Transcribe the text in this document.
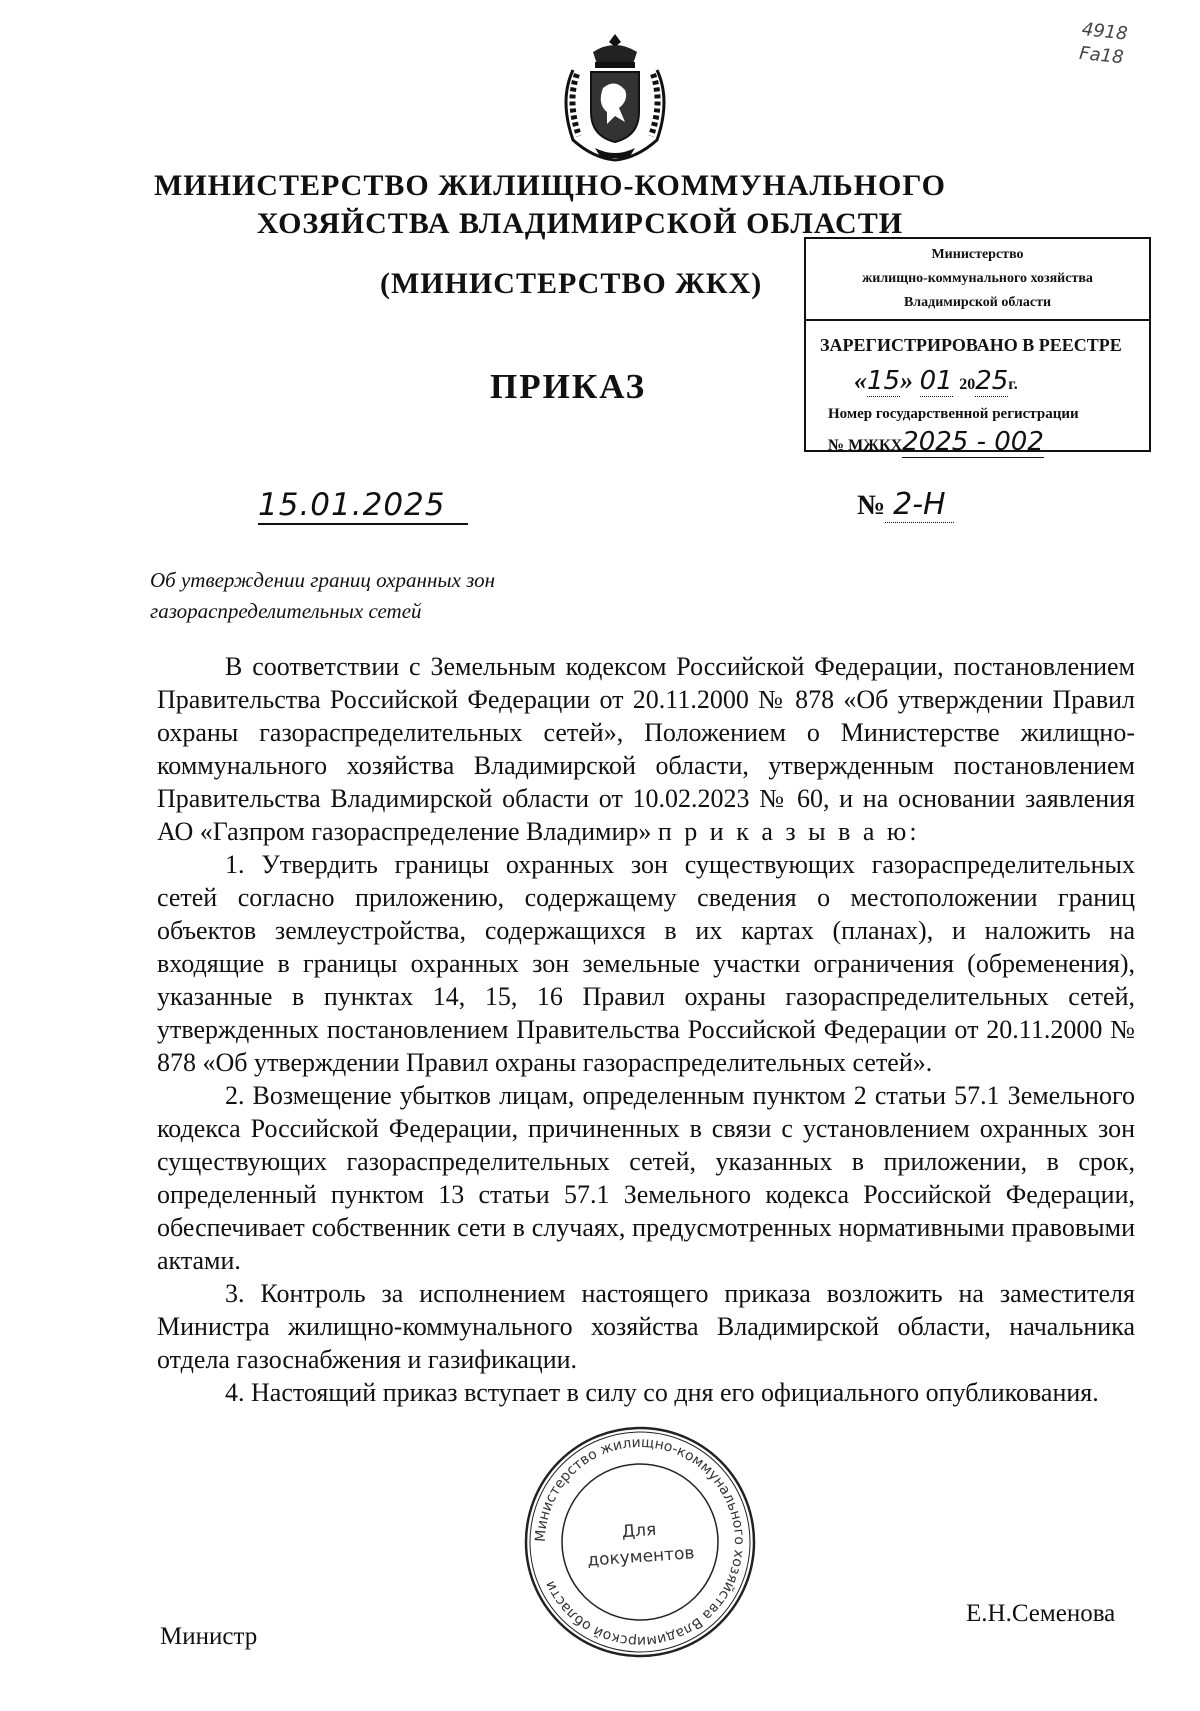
4918
Fa18
МИНИСТЕРСТВО ЖИЛИЩНО-КОММУНАЛЬНОГО
ХОЗЯЙСТВА ВЛАДИМИРСКОЙ ОБЛАСТИ
(МИНИСТЕРСТВО ЖКХ)
ПРИКАЗ
Министерство
жилищно-коммунального хозяйства
Владимирской области
ЗАРЕГИСТРИРОВАНО В РЕЕСТРЕ
«15» 01 2025г.
Номер государственной регистрации
№ МЖКХ2025 - 002
15.01.2025	№ 2-Н
Об утверждении границ охранных зон
газораспределительных сетей

В соответствии с Земельным кодексом Российской Федерации, постановлением Правительства Российской Федерации от 20.11.2000 № 878 «Об утверждении Правил охраны газораспределительных сетей», Положением о Министерстве жилищно-коммунального хозяйства Владимирской области, утвержденным постановлением Правительства Владимирской области от 10.02.2023 № 60, и на основании заявления АО «Газпром газораспределение Владимир» п р и к а з ы в а ю:

1. Утвердить границы охранных зон существующих газораспределительных сетей согласно приложению, содержащему сведения о местоположении границ объектов землеустройства, содержащихся в их картах (планах), и наложить на входящие в границы охранных зон земельные участки ограничения (обременения), указанные в пунктах 14, 15, 16 Правил охраны газораспределительных сетей, утвержденных постановлением Правительства Российской Федерации от 20.11.2000 № 878 «Об утверждении Правил охраны газораспределительных сетей».

2. Возмещение убытков лицам, определенным пунктом 2 статьи 57.1 Земельного кодекса Российской Федерации, причиненных в связи с установлением охранных зон существующих газораспределительных сетей, указанных в приложении, в срок, определенный пунктом 13 статьи 57.1 Земельного кодекса Российской Федерации, обеспечивает собственник сети в случаях, предусмотренных нормативными правовыми актами.

3. Контроль за исполнением настоящего приказа возложить на заместителя Министра жилищно-коммунального хозяйства Владимирской области, начальника отдела газоснабжения и газификации.

4. Настоящий приказ вступает в силу со дня его официального опубликования.

Министерство жилищно-коммунального хозяйства Владимирской области
Для
документов
Министр
Е.Н.Семенова
